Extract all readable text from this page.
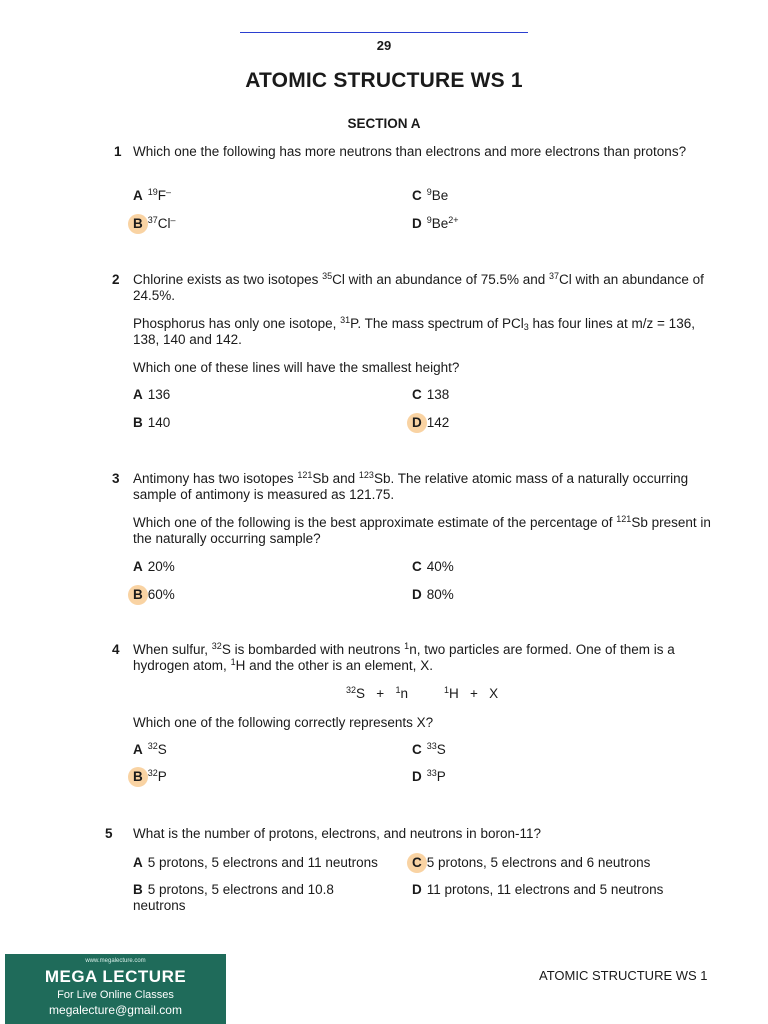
29
ATOMIC STRUCTURE WS 1
SECTION A
1 Which one the following has more neutrons than electrons and more electrons than protons?
A $^{19}$F–
B $^{37}$Cl–
C $^9$Be
D $^9Be^{2+}$
2 Chlorine exists as two isotopes $^{35}$Cl with an abundance of 75.5% and $^{37}$Cl with an abundance of 24.5%.
Phosphorus has only one isotope, $^{31}$P. The mass spectrum of PCl$_3$ has four lines at m/z = 136, 138, 140 and 142.
Which one of these lines will have the smallest height?
A 136
B 140
C 138
D 142
3 Antimony has two isotopes $^{121}$Sb and $^{123}$Sb. The relative atomic mass of a naturally occurring sample of antimony is measured as 121.75.
Which one of the following is the best approximate estimate of the percentage of $^{121}$Sb present in the naturally occurring sample?
A 20%
B 60%
C 40%
D 80%
4 When sulfur, $^{32}$S is bombarded with neutrons $^1$n, two particles are formed. One of them is a hydrogen atom, $^1$H and the other is an element, X.
$^{32}$S + $^1$n	$^1$H + X
Which one of the following correctly represents X?
A $^{32}$S
B $^{32}$P
C $^{33}$S
D $^{33}$P
5 What is the number of protons, electrons, and neutrons in boron-11?
A 5 protons, 5 electrons and 11 neutrons
B 5 protons, 5 electrons and 10.8 neutrons
C 5 protons, 5 electrons and 6 neutrons
D 11 protons, 11 electrons and 5 neutrons
www.megalecture.com
MEGA LECTURE
For Live Online Classes
megalecture@gmail.com
ATOMIC STRUCTURE WS 1
